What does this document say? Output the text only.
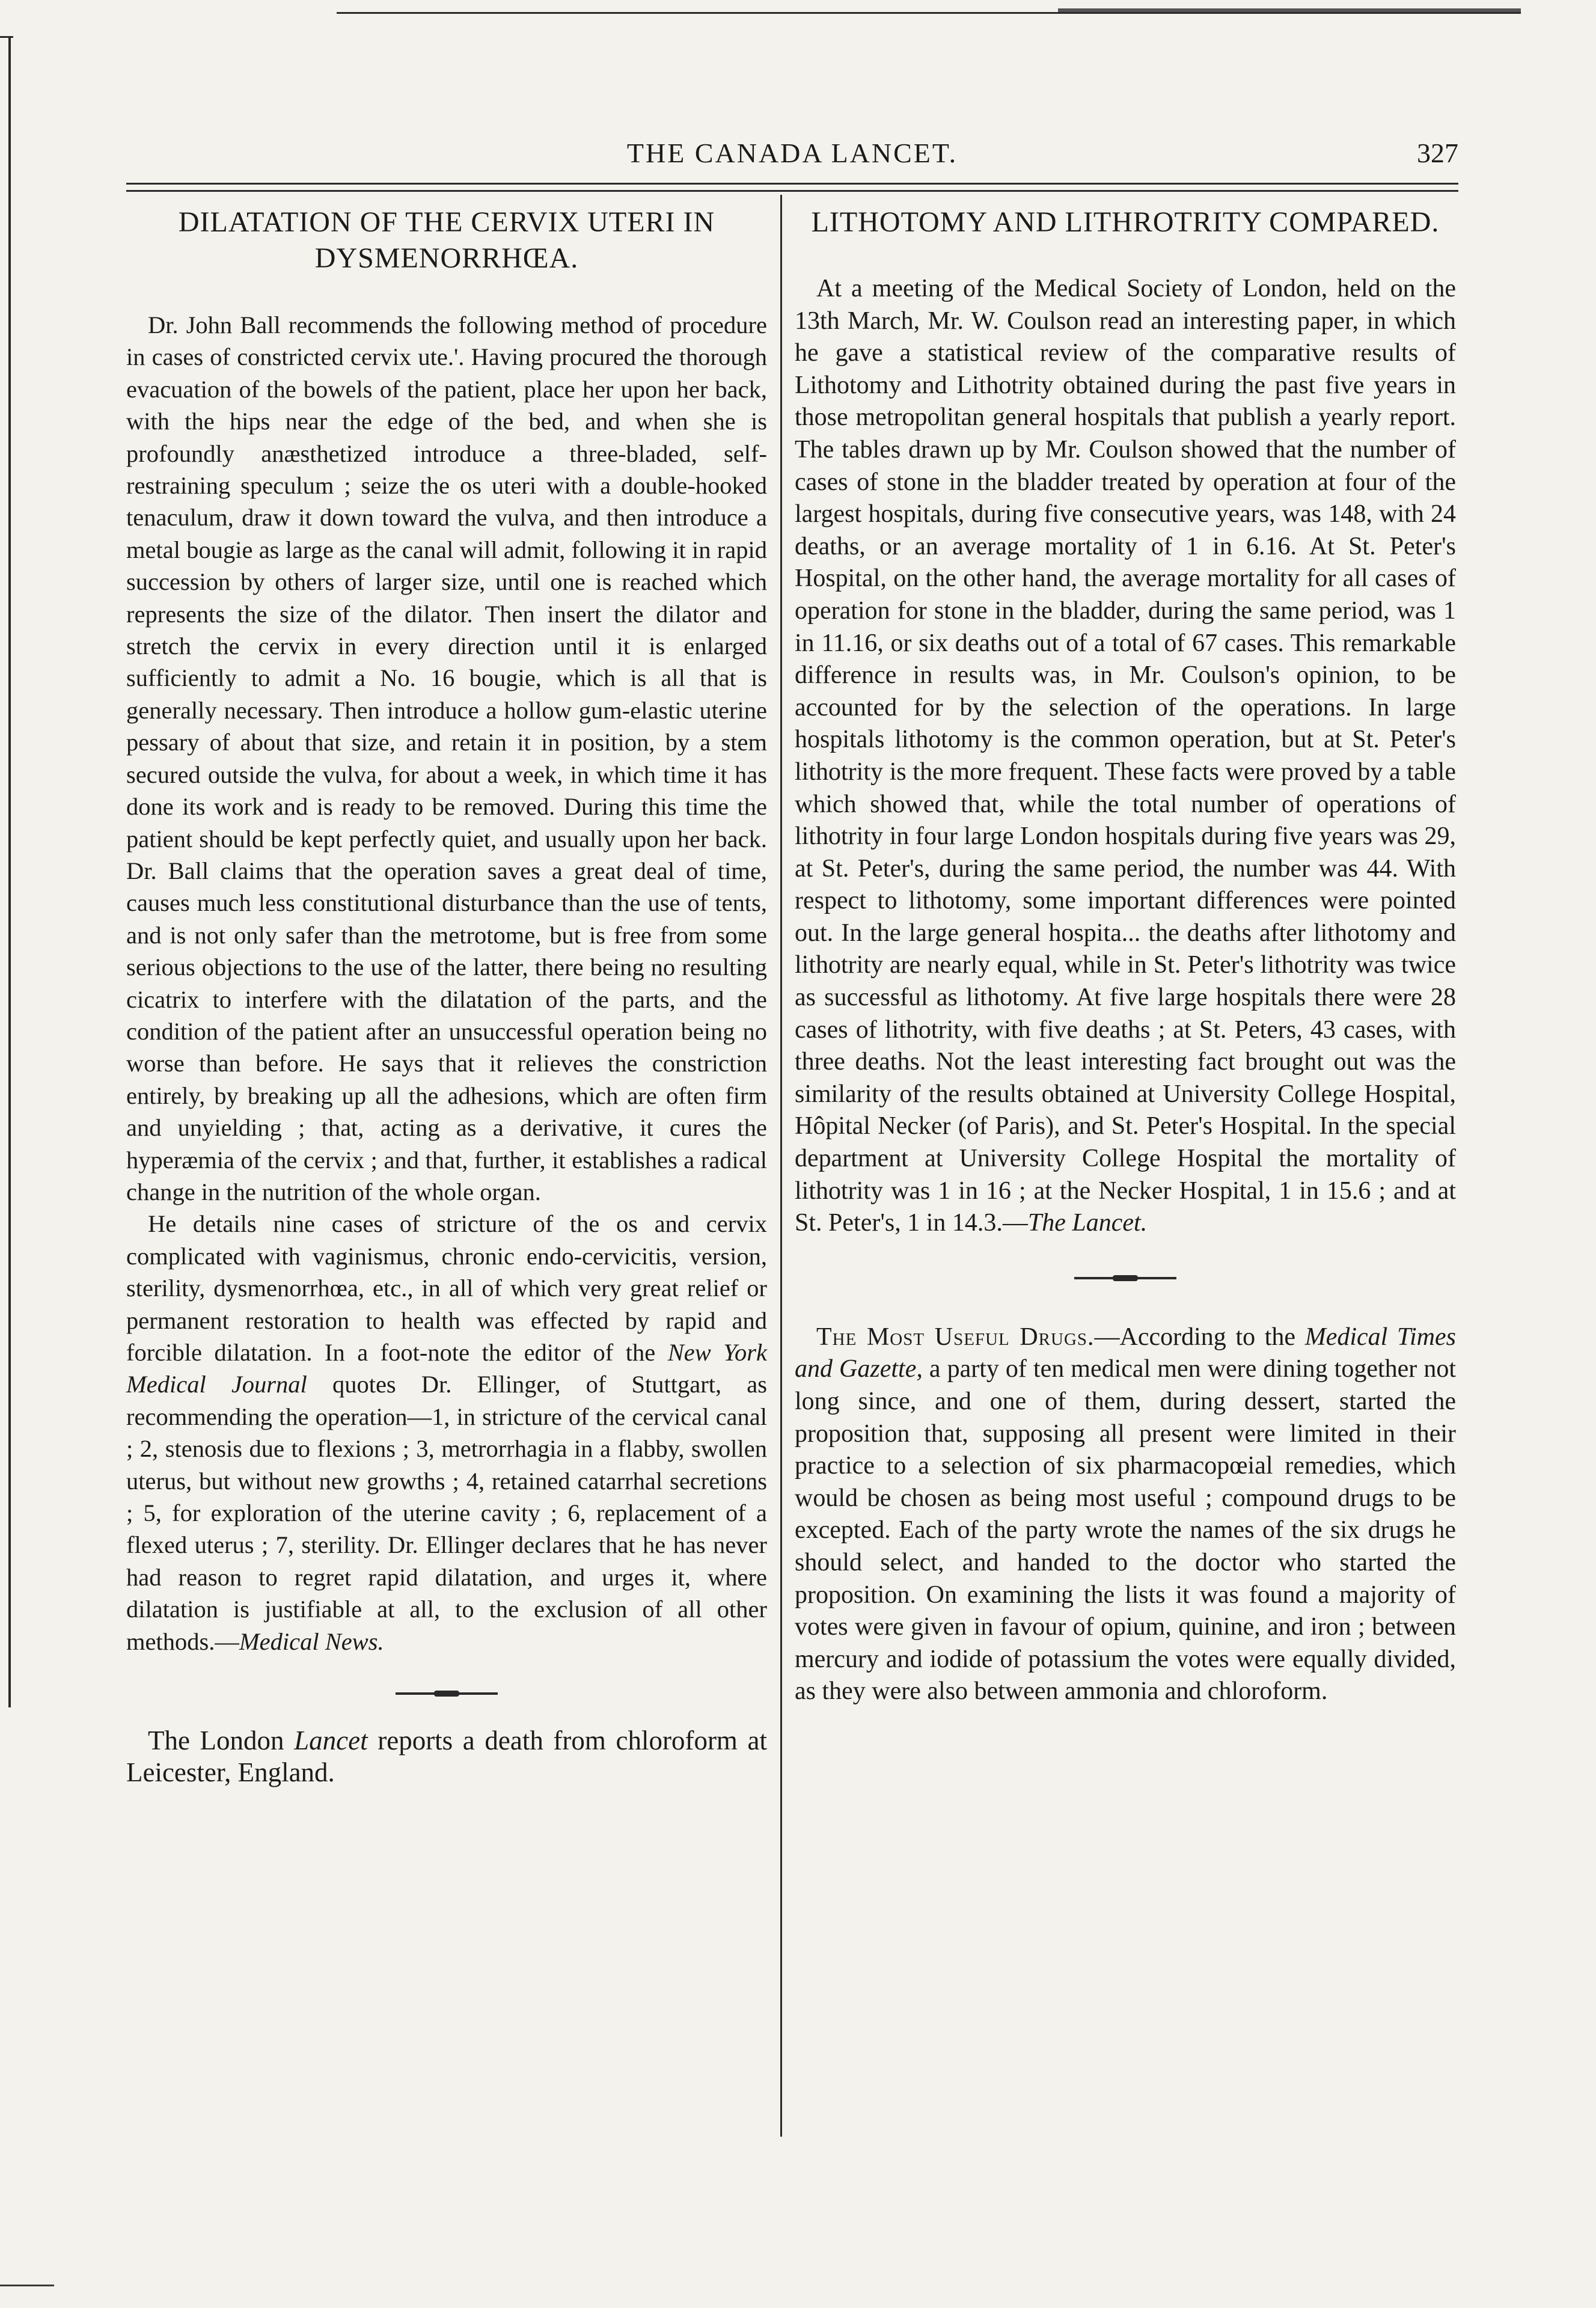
THE CANADA LANCET.	327
DILATATION OF THE CERVIX UTERI IN DYSMENORRHŒA.

Dr. John Ball recommends the following method of procedure in cases of constricted cervix ute.'. Having procured the thorough evacuation of the bowels of the patient, place her upon her back, with the hips near the edge of the bed, and when she is profoundly anæsthetized introduce a three-bladed, self-restraining speculum ; seize the os uteri with a double-hooked tenaculum, draw it down toward the vulva, and then introduce a metal bougie as large as the canal will admit, following it in rapid succession by others of larger size, until one is reached which represents the size of the dilator. Then insert the dilator and stretch the cervix in every direction until it is enlarged sufficiently to admit a No. 16 bougie, which is all that is generally necessary. Then introduce a hollow gum-elastic uterine pessary of about that size, and retain it in position, by a stem secured outside the vulva, for about a week, in which time it has done its work and is ready to be removed. During this time the patient should be kept perfectly quiet, and usually upon her back. Dr. Ball claims that the operation saves a great deal of time, causes much less constitutional disturbance than the use of tents, and is not only safer than the metrotome, but is free from some serious objections to the use of the latter, there being no resulting cicatrix to interfere with the dilatation of the parts, and the condition of the patient after an unsuccessful operation being no worse than before. He says that it relieves the constriction entirely, by breaking up all the adhesions, which are often firm and unyielding ; that, acting as a derivative, it cures the hyperæmia of the cervix ; and that, further, it establishes a radical change in the nutrition of the whole organ.

He details nine cases of stricture of the os and cervix complicated with vaginismus, chronic endo-cervicitis, version, sterility, dysmenorrhœa, etc., in all of which very great relief or permanent restoration to health was effected by rapid and forcible dilatation. In a foot-note the editor of the New York Medical Journal quotes Dr. Ellinger, of Stuttgart, as recommending the operation—1, in stricture of the cervical canal ; 2, stenosis due to flexions ; 3, metrorrhagia in a flabby, swollen uterus, but without new growths ; 4, retained catarrhal secretions ; 5, for exploration of the uterine cavity ; 6, replacement of a flexed uterus ; 7, sterility. Dr. Ellinger declares that he has never had reason to regret rapid dilatation, and urges it, where dilatation is justifiable at all, to the exclusion of all other methods.—Medical News.

The London Lancet reports a death from chloroform at Leicester, England.

LITHOTOMY AND LITHROTRITY COMPARED.

At a meeting of the Medical Society of London, held on the 13th March, Mr. W. Coulson read an interesting paper, in which he gave a statistical review of the comparative results of Lithotomy and Lithotrity obtained during the past five years in those metropolitan general hospitals that publish a yearly report. The tables drawn up by Mr. Coulson showed that the number of cases of stone in the bladder treated by operation at four of the largest hospitals, during five consecutive years, was 148, with 24 deaths, or an average mortality of 1 in 6.16. At St. Peter's Hospital, on the other hand, the average mortality for all cases of operation for stone in the bladder, during the same period, was 1 in 11.16, or six deaths out of a total of 67 cases. This remarkable difference in results was, in Mr. Coulson's opinion, to be accounted for by the selection of the operations. In large hospitals lithotomy is the common operation, but at St. Peter's lithotrity is the more frequent. These facts were proved by a table which showed that, while the total number of operations of lithotrity in four large London hospitals during five years was 29, at St. Peter's, during the same period, the number was 44. With respect to lithotomy, some important differences were pointed out. In the large general hospita... the deaths after lithotomy and lithotrity are nearly equal, while in St. Peter's lithotrity was twice as successful as lithotomy. At five large hospitals there were 28 cases of lithotrity, with five deaths ; at St. Peters, 43 cases, with three deaths. Not the least interesting fact brought out was the similarity of the results obtained at University College Hospital, Hôpital Necker (of Paris), and St. Peter's Hospital. In the special department at University College Hospital the mortality of lithotrity was 1 in 16 ; at the Necker Hospital, 1 in 15.6 ; and at St. Peter's, 1 in 14.3.—The Lancet.

The Most Useful Drugs.—According to the Medical Times and Gazette, a party of ten medical men were dining together not long since, and one of them, during dessert, started the proposition that, supposing all present were limited in their practice to a selection of six pharmacopœial remedies, which would be chosen as being most useful ; compound drugs to be excepted. Each of the party wrote the names of the six drugs he should select, and handed to the doctor who started the proposition. On examining the lists it was found a majority of votes were given in favour of opium, quinine, and iron ; between mercury and iodide of potassium the votes were equally divided, as they were also between ammonia and chloroform.
